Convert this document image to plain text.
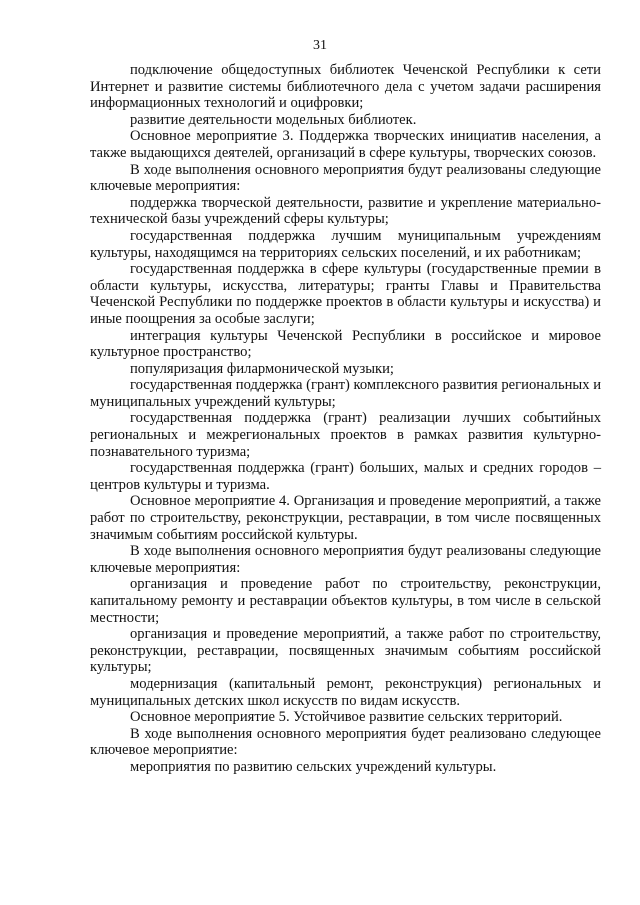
31

подключение общедоступных библиотек Чеченской Республики к сети Интернет и развитие системы библиотечного дела с учетом задачи расширения информационных технологий и оцифровки;

развитие деятельности модельных библиотек.

Основное мероприятие 3. Поддержка творческих инициатив населения, а также выдающихся деятелей, организаций в сфере культуры, творческих союзов.

В ходе выполнения основного мероприятия будут реализованы следующие ключевые мероприятия:

поддержка творческой деятельности, развитие и укрепление материально-технической базы учреждений сферы культуры;

государственная поддержка лучшим муниципальным учреждениям культуры, находящимся на территориях сельских поселений, и их работникам;

государственная поддержка в сфере культуры (государственные премии в области культуры, искусства, литературы; гранты Главы и Правительства Чеченской Республики по поддержке проектов в области культуры и искусства) и иные поощрения за особые заслуги;

интеграция культуры Чеченской Республики в российское и мировое культурное пространство;

популяризация филармонической музыки;

государственная поддержка (грант) комплексного развития региональных и муниципальных учреждений культуры;

государственная поддержка (грант) реализации лучших событийных региональных и межрегиональных проектов в рамках развития культурно-познавательного туризма;

государственная поддержка (грант) больших, малых и средних городов – центров культуры и туризма.

Основное мероприятие 4. Организация и проведение мероприятий, а также работ по строительству, реконструкции, реставрации, в том числе посвященных значимым событиям российской культуры.

В ходе выполнения основного мероприятия будут реализованы следующие ключевые мероприятия:

организация и проведение работ по строительству, реконструкции, капитальному ремонту и реставрации объектов культуры, в том числе в сельской местности;

организация и проведение мероприятий, а также работ по строительству, реконструкции, реставрации, посвященных значимым событиям российской культуры;

модернизация (капитальный ремонт, реконструкция) региональных и муниципальных детских школ искусств по видам искусств.

Основное мероприятие 5. Устойчивое развитие сельских территорий.

В ходе выполнения основного мероприятия будет реализовано следующее ключевое мероприятие:

мероприятия по развитию сельских учреждений культуры.
